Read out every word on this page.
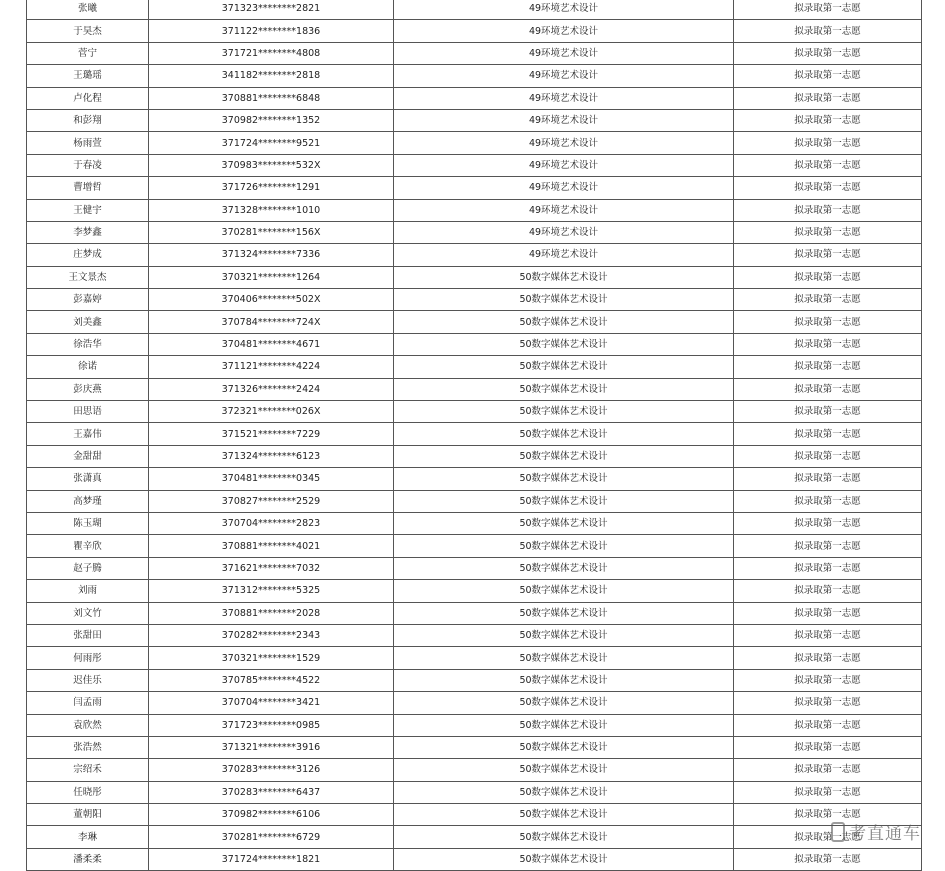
张曦	371323********2821	49环境艺术设计	拟录取第一志愿
于昊杰	371122********1836	49环境艺术设计	拟录取第一志愿
菅宁	371721********4808	49环境艺术设计	拟录取第一志愿
王璐瑶	341182********2818	49环境艺术设计	拟录取第一志愿
卢化程	370881********6848	49环境艺术设计	拟录取第一志愿
和彭翔	370982********1352	49环境艺术设计	拟录取第一志愿
杨雨萱	371724********9521	49环境艺术设计	拟录取第一志愿
于春凌	370983********532X	49环境艺术设计	拟录取第一志愿
曹增哲	371726********1291	49环境艺术设计	拟录取第一志愿
王健宇	371328********1010	49环境艺术设计	拟录取第一志愿
李梦鑫	370281********156X	49环境艺术设计	拟录取第一志愿
庄梦成	371324********7336	49环境艺术设计	拟录取第一志愿
王文景杰	370321********1264	50数字媒体艺术设计	拟录取第一志愿
彭嘉婷	370406********502X	50数字媒体艺术设计	拟录取第一志愿
刘美鑫	370784********724X	50数字媒体艺术设计	拟录取第一志愿
徐浩华	370481********4671	50数字媒体艺术设计	拟录取第一志愿
徐诺	371121********4224	50数字媒体艺术设计	拟录取第一志愿
彭庆燕	371326********2424	50数字媒体艺术设计	拟录取第一志愿
田思语	372321********026X	50数字媒体艺术设计	拟录取第一志愿
王嘉伟	371521********7229	50数字媒体艺术设计	拟录取第一志愿
金甜甜	371324********6123	50数字媒体艺术设计	拟录取第一志愿
张潇真	370481********0345	50数字媒体艺术设计	拟录取第一志愿
高梦瑾	370827********2529	50数字媒体艺术设计	拟录取第一志愿
陈玉瑚	370704********2823	50数字媒体艺术设计	拟录取第一志愿
瞿辛欣	370881********4021	50数字媒体艺术设计	拟录取第一志愿
赵子腾	371621********7032	50数字媒体艺术设计	拟录取第一志愿
刘雨	371312********5325	50数字媒体艺术设计	拟录取第一志愿
刘文竹	370881********2028	50数字媒体艺术设计	拟录取第一志愿
张甜田	370282********2343	50数字媒体艺术设计	拟录取第一志愿
何雨彤	370321********1529	50数字媒体艺术设计	拟录取第一志愿
迟佳乐	370785********4522	50数字媒体艺术设计	拟录取第一志愿
闫孟雨	370704********3421	50数字媒体艺术设计	拟录取第一志愿
袁欣然	371723********0985	50数字媒体艺术设计	拟录取第一志愿
张浩然	371321********3916	50数字媒体艺术设计	拟录取第一志愿
宗绍禾	370283********3126	50数字媒体艺术设计	拟录取第一志愿
任晓彤	370283********6437	50数字媒体艺术设计	拟录取第一志愿
董朝阳	370982********6106	50数字媒体艺术设计	拟录取第一志愿
李琳	370281********6729	50数字媒体艺术设计	拟录取第一志愿
潘柔柔	371724********1821	50数字媒体艺术设计	拟录取第一志愿
考直通车
